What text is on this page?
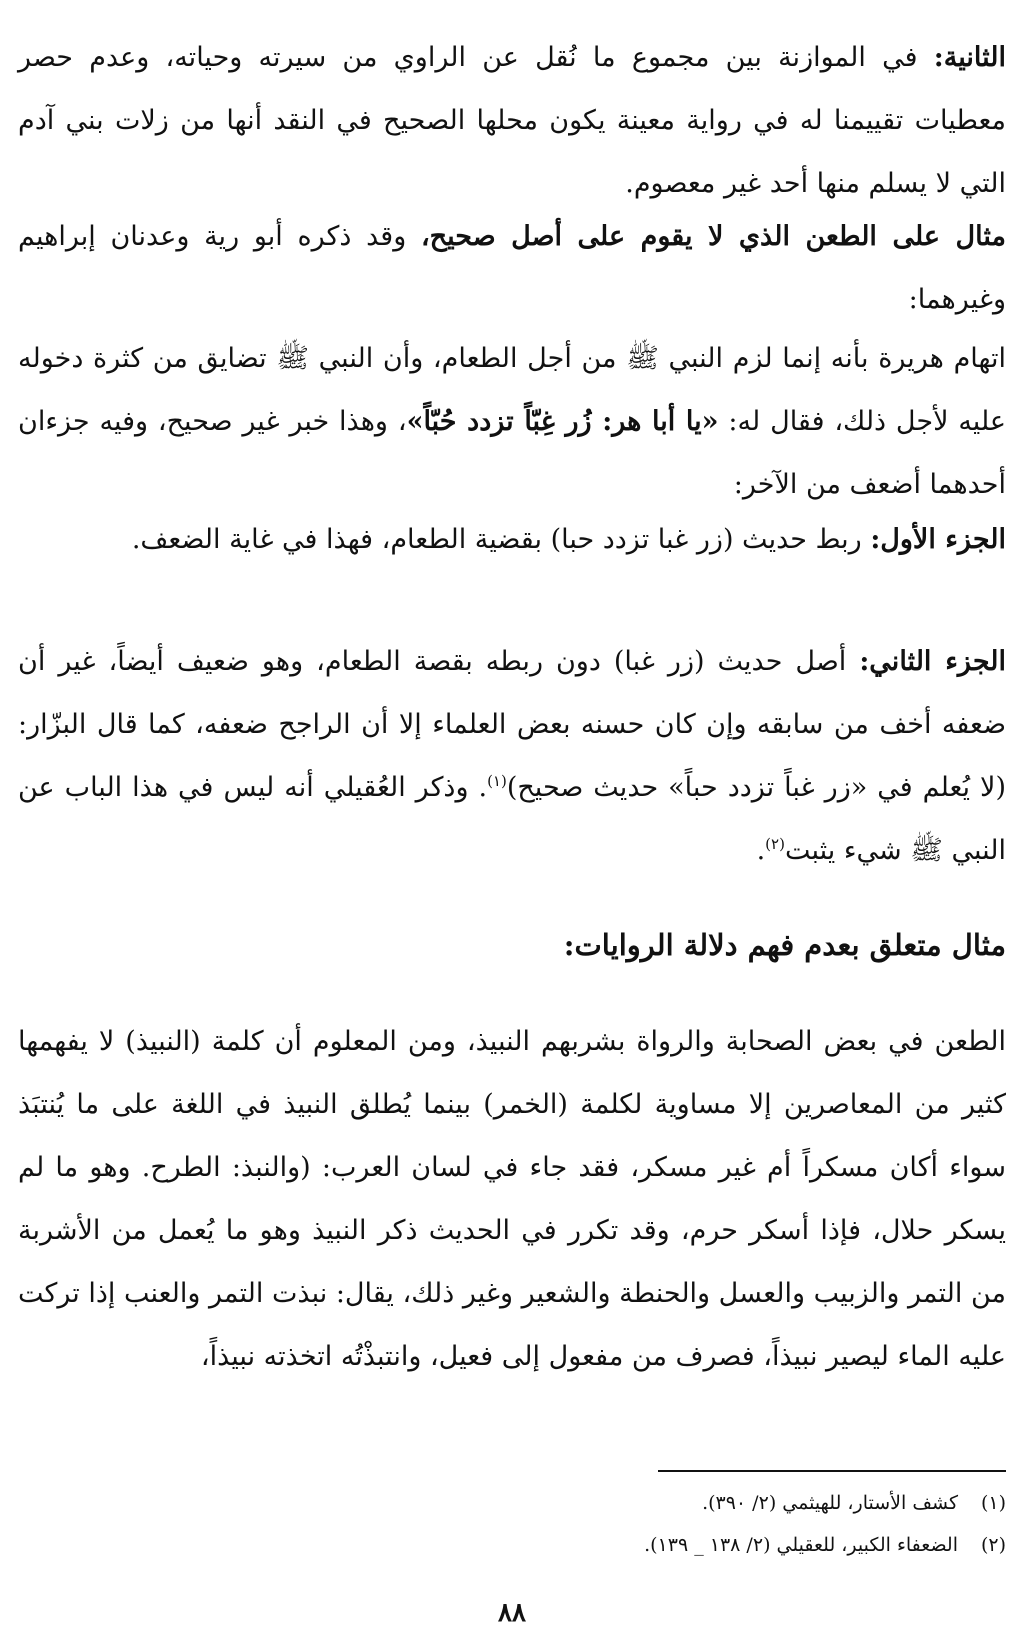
الثانية: في الموازنة بين مجموع ما نُقل عن الراوي من سيرته وحياته، وعدم حصر معطيات تقييمنا له في رواية معينة يكون محلها الصحيح في النقد أنها من زلات بني آدم التي لا يسلم منها أحد غير معصوم.
مثال على الطعن الذي لا يقوم على أصل صحيح، وقد ذكره أبو رية وعدنان إبراهيم وغيرهما:
اتهام هريرة بأنه إنما لزم النبي ﷺ من أجل الطعام، وأن النبي ﷺ تضايق من كثرة دخوله عليه لأجل ذلك، فقال له: «يا أبا هر: زُر غِبّاً تزدد حُبّاً»، وهذا خبر غير صحيح، وفيه جزءان أحدهما أضعف من الآخر:
الجزء الأول: ربط حديث (زر غبا تزدد حبا) بقضية الطعام، فهذا في غاية الضعف.
الجزء الثاني: أصل حديث (زر غبا) دون ربطه بقصة الطعام، وهو ضعيف أيضاً، غير أن ضعفه أخف من سابقه وإن كان حسنه بعض العلماء إلا أن الراجح ضعفه، كما قال البزّار: (لا يُعلم في «زر غباً تزدد حباً» حديث صحيح)$^{(١)}$. وذكر العُقيلي أنه ليس في هذا الباب عن النبي ﷺ شيء يثبت$^{(٢)}$.
مثال متعلق بعدم فهم دلالة الروايات:
الطعن في بعض الصحابة والرواة بشربهم النبيذ، ومن المعلوم أن كلمة (النبيذ) لا يفهمها كثير من المعاصرين إلا مساوية لكلمة (الخمر) بينما يُطلق النبيذ في اللغة على ما يُنتبَذ سواء أكان مسكراً أم غير مسكر، فقد جاء في لسان العرب: (والنبذ: الطرح. وهو ما لم يسكر حلال، فإذا أسكر حرم، وقد تكرر في الحديث ذكر النبيذ وهو ما يُعمل من الأشربة من التمر والزبيب والعسل والحنطة والشعير وغير ذلك، يقال: نبذت التمر والعنب إذا تركت عليه الماء ليصير نبيذاً، فصرف من مفعول إلى فعيل، وانتبذْتُه اتخذته نبيذاً،
(١)كشف الأستار، للهيثمي (٢/ ٣٩٠).
(٢)الضعفاء الكبير، للعقيلي (٢/ ١٣٨ _ ١٣٩).
٨٨
